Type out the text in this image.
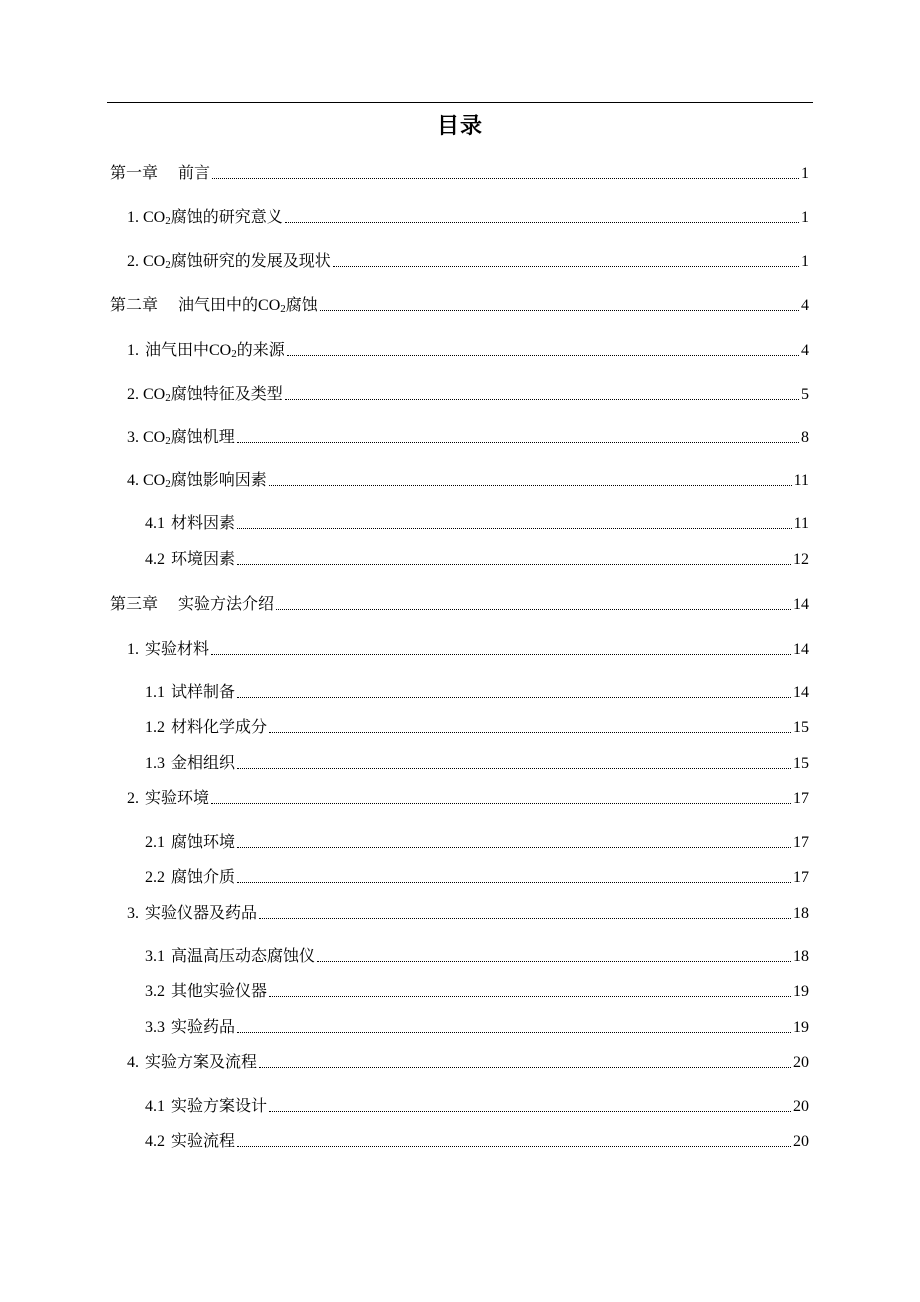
目录
第一章 前言	1
1. $CO_2$腐蚀的研究意义	1
2. $CO_2$腐蚀研究的发展及现状	1
第二章 油气田中的$CO_2$腐蚀	4
1. 油气田中$CO_2$的来源	4
2. $CO_2$腐蚀特征及类型	5
3. $CO_2$腐蚀机理	8
4. $CO_2$腐蚀影响因素	11
4.1 材料因素	11
4.2 环境因素	12
第三章 实验方法介绍	14
1. 实验材料	14
1.1 试样制备	14
1.2 材料化学成分	15
1.3 金相组织	15
2. 实验环境	17
2.1 腐蚀环境	17
2.2 腐蚀介质	17
3. 实验仪器及药品	18
3.1 高温高压动态腐蚀仪	18
3.2 其他实验仪器	19
3.3 实验药品	19
4. 实验方案及流程	20
4.1 实验方案设计	20
4.2 实验流程	20
